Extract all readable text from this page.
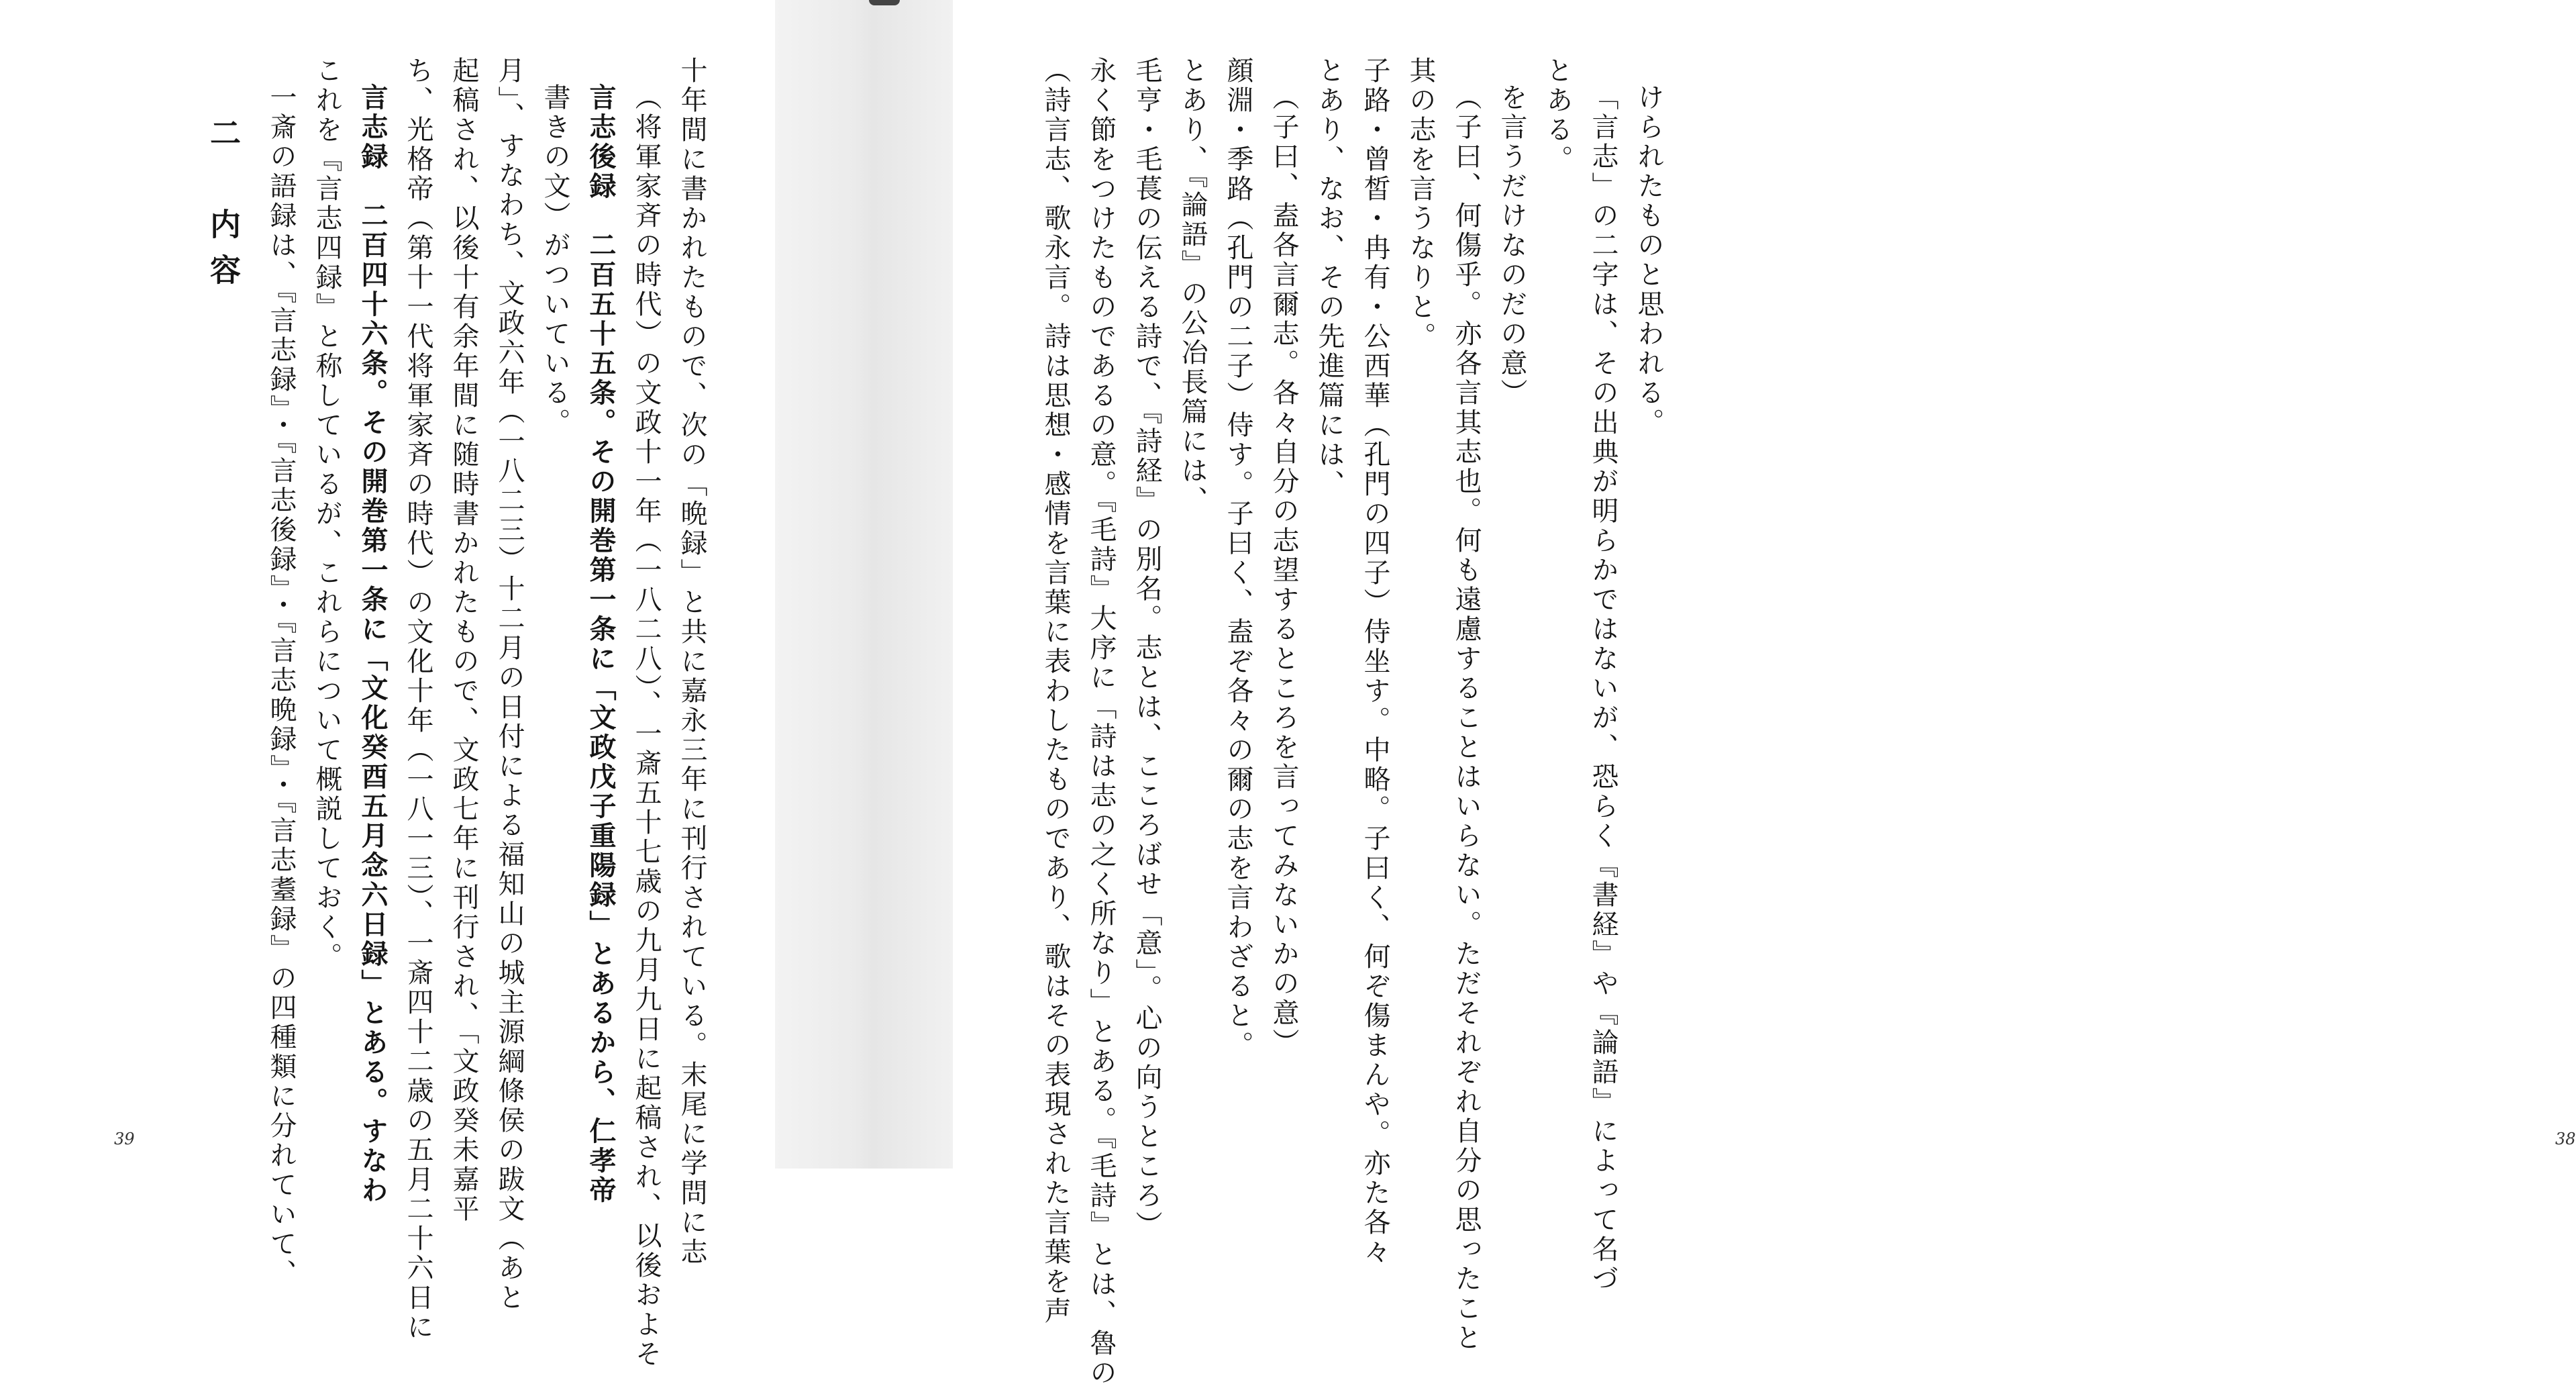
十年間に書かれたもので、次の「晩録」と共に嘉永三年に刊行されている。末尾に学問に志
（将軍家斉の時代）の文政十一年（一八二八）、一斎五十七歳の九月九日に起稿され、以後およそ
言志後録　二百五十五条。その開巻第一条に「文政戊子重陽録」とあるから、仁孝帝
書きの文）がついている。
月」、すなわち、文政六年（一八二三）十二月の日付による福知山の城主源綱條侯の跋文（あと
起稿され、以後十有余年間に随時書かれたもので、文政七年に刊行され、「文政癸未嘉平
ち、光格帝（第十一代将軍家斉の時代）の文化十年（一八一三）、一斎四十二歳の五月二十六日に
言志録　二百四十六条。その開巻第一条に「文化癸酉五月念六日録」とある。すなわ
これを『言志四録』と称しているが、これらについて概説しておく。
一斎の語録は、『言志録』・『言志後録』・『言志晩録』・『言志耋録』の四種類に分れていて、
二　内容
39
けられたものと思われる。
「言志」の二字は、その出典が明らかではないが、恐らく『書経』や『論語』によって名づ
とある。
を言うだけなのだの意）
（子曰、何傷乎。亦各言其志也。何も遠慮することはいらない。ただそれぞれ自分の思ったこと
其の志を言うなりと。
子路・曾皙・冉有・公西華（孔門の四子）侍坐す。中略。子曰く、何ぞ傷まんや。亦た各々
とあり、なお、その先進篇には、
（子曰、盍各言爾志。各々自分の志望するところを言ってみないかの意）
顔淵・季路（孔門の二子）侍す。子曰く、盍ぞ各々の爾の志を言わざると。
とあり、『論語』の公冶長篇には、
毛亨・毛萇の伝える詩で、『詩経』の別名。志とは、こころばせ「意」。心の向うところ）
永く節をつけたものであるの意。『毛詩』大序に「詩は志の之く所なり」とある。『毛詩』とは、魯の
（詩言志、歌永言。詩は思想・感情を言葉に表わしたものであり、歌はその表現された言葉を声	38
